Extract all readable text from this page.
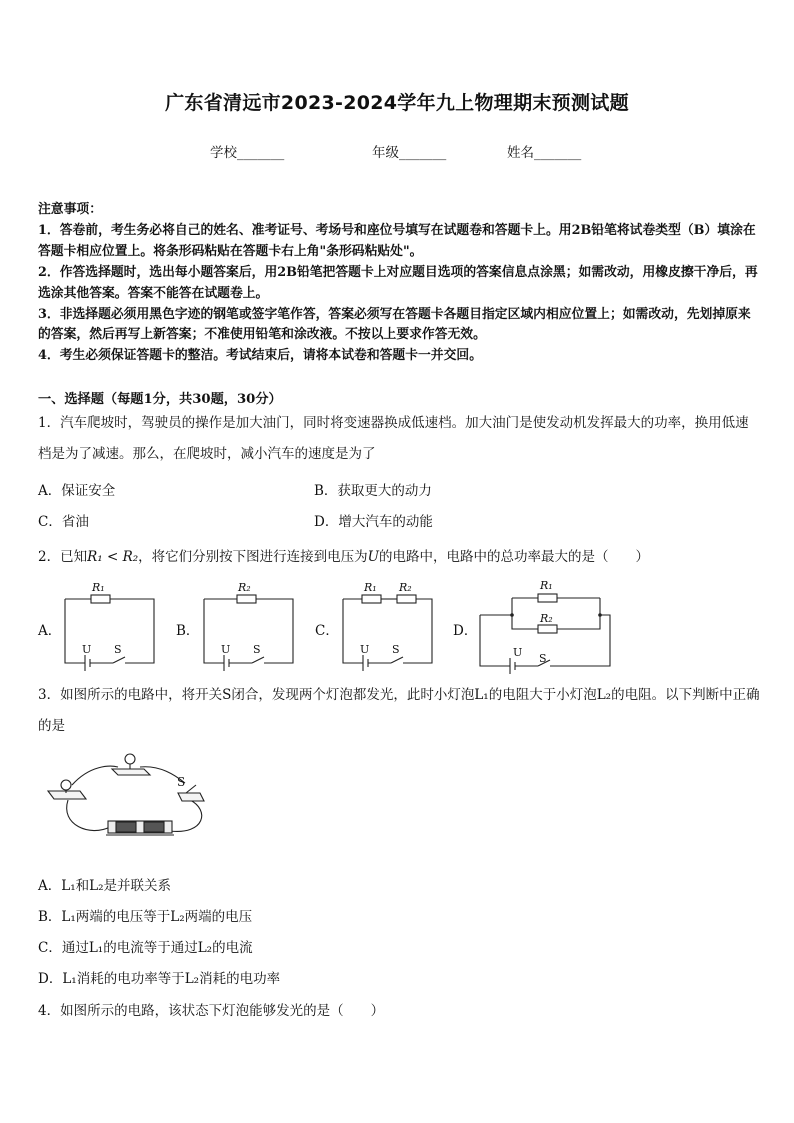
广东省清远市2023-2024学年九上物理期末预测试题
学校_______	年级_______	姓名_______

注意事项：

1．答卷前，考生务必将自己的姓名、准考证号、考场号和座位号填写在试题卷和答题卡上。用2B铅笔将试卷类型（B）填涂在答题卡相应位置上。将条形码粘贴在答题卡右上角"条形码粘贴处"。

2．作答选择题时，选出每小题答案后，用2B铅笔把答题卡上对应题目选项的答案信息点涂黑；如需改动，用橡皮擦干净后，再选涂其他答案。答案不能答在试题卷上。

3．非选择题必须用黑色字迹的钢笔或签字笔作答，答案必须写在答题卡各题目指定区域内相应位置上；如需改动，先划掉原来的答案，然后再写上新答案；不准使用铅笔和涂改液。不按以上要求作答无效。

4．考生必须保证答题卡的整洁。考试结束后，请将本试卷和答题卡一并交回。

一、选择题（每题1分，共30题，30分）

1．汽车爬坡时，驾驶员的操作是加大油门，同时将变速器换成低速档。加大油门是使发动机发挥最大的功率，换用低速档是为了减速。那么，在爬坡时，减小汽车的速度是为了

A．保证安全	B．获取更大的动力
C．省油	D．增大汽车的动能
2．已知R₁ < R₂，将它们分别按下图进行连接到电压为U的电路中，电路中的总功率最大的是（　　）
R₁	R₂	R₁ R₂	R₁
R₂
U S	U S	U S	U S
A．	B．	C．	D．

3．如图所示的电路中，将开关S闭合，发现两个灯泡都发光，此时小灯泡L₁的电阻大于小灯泡L₂的电阻。以下判断中正确的是

S
A．L₁和L₂是并联关系
B．L₁两端的电压等于L₂两端的电压
C．通过L₁的电流等于通过L₂的电流
D．L₁消耗的电功率等于L₂消耗的电功率
4．如图所示的电路，该状态下灯泡能够发光的是（　　）
